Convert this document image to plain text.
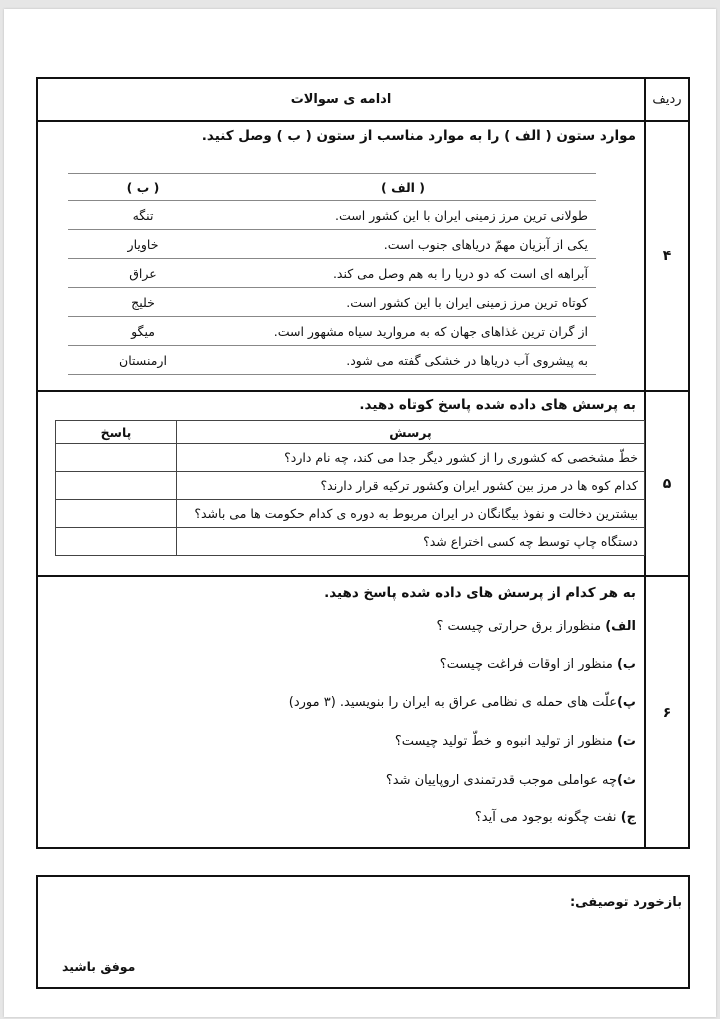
ردیف
ادامه ی سوالات
۴
موارد ستون ( الف ) را به موارد مناسب از ستون ( ب ) وصل کنید.
( الف )	( ب )
طولانی ترین مرز زمینی ایران با این کشور است.	تنگه
یکی از آبزیان مهمّ دریاهای جنوب است.	خاویار
آبراهه ای است که دو دریا را به هم وصل می کند.	عراق
کوتاه ترین مرز زمینی ایران با این کشور است.	خلیج
از گران ترین غذاهای جهان که به مروارید سیاه مشهور است.	میگو
به پیشروی آب دریاها در خشکی گفته می شود.	ارمنستان
۵
به پرسش های داده شده پاسخ کوتاه دهید.
پرسش	پاسخ
خطّ مشخصی که کشوری را از کشور دیگر جدا می کند، چه نام دارد؟	
کدام کوه ها در مرز بین کشور ایران وکشور ترکیه قرار دارند؟	
بیشترین دخالت و نفوذ بیگانگان در ایران مربوط به دوره ی کدام حکومت ها می باشد؟	
دستگاه چاپ توسط چه کسی اختراع شد؟	
۶
به هر کدام از پرسش های داده شده پاسخ دهید.
الف) منظوراز برق حرارتی چیست ؟
ب) منظور از اوقات فراغت چیست؟
پ)علّت های حمله ی نظامی عراق به ایران را بنویسید. (۳ مورد)
ت) منظور از تولید انبوه و خطّ تولید چیست؟
ث)چه عواملی موجب قدرتمندی اروپاییان شد؟
ج) نفت چگونه بوجود می آید؟
بازخورد توصیفی:
موفق باشید
